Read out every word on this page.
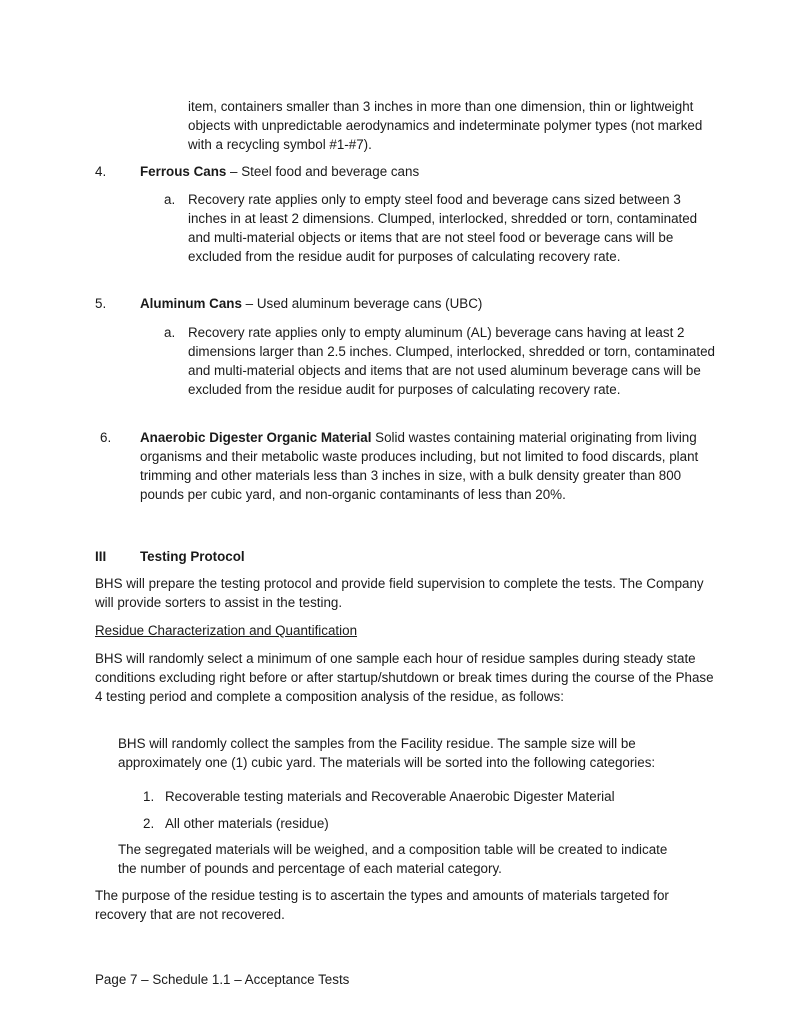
item, containers smaller than 3 inches in more than one dimension, thin or lightweight objects with unpredictable aerodynamics and indeterminate polymer types (not marked with a recycling symbol #1-#7).

4.	Ferrous Cans – Steel food and beverage cans

a. Recovery rate applies only to empty steel food and beverage cans sized between 3 inches in at least 2 dimensions. Clumped, interlocked, shredded or torn, contaminated and multi-material objects or items that are not steel food or beverage cans will be excluded from the residue audit for purposes of calculating recovery rate.

5.	Aluminum Cans – Used aluminum beverage cans (UBC)

a. Recovery rate applies only to empty aluminum (AL) beverage cans having at least 2 dimensions larger than 2.5 inches. Clumped, interlocked, shredded or torn, contaminated and multi-material objects and items that are not used aluminum beverage cans will be excluded from the residue audit for purposes of calculating recovery rate.

6. Anaerobic Digester Organic Material Solid wastes containing material originating from living organisms and their metabolic waste produces including, but not limited to food discards, plant trimming and other materials less than 3 inches in size, with a bulk density greater than 800 pounds per cubic yard, and non-organic contaminants of less than 20%.

III	Testing Protocol

BHS will prepare the testing protocol and provide field supervision to complete the tests. The Company will provide sorters to assist in the testing.

Residue Characterization and Quantification

BHS will randomly select a minimum of one sample each hour of residue samples during steady state conditions excluding right before or after startup/shutdown or break times during the course of the Phase 4 testing period and complete a composition analysis of the residue, as follows:

BHS will randomly collect the samples from the Facility residue. The sample size will be approximately one (1) cubic yard. The materials will be sorted into the following categories:

1. Recoverable testing materials and Recoverable Anaerobic Digester Material

2. All other materials (residue)

The segregated materials will be weighed, and a composition table will be created to indicate the number of pounds and percentage of each material category.

The purpose of the residue testing is to ascertain the types and amounts of materials targeted for recovery that are not recovered.

Page 7 – Schedule 1.1 – Acceptance Tests
